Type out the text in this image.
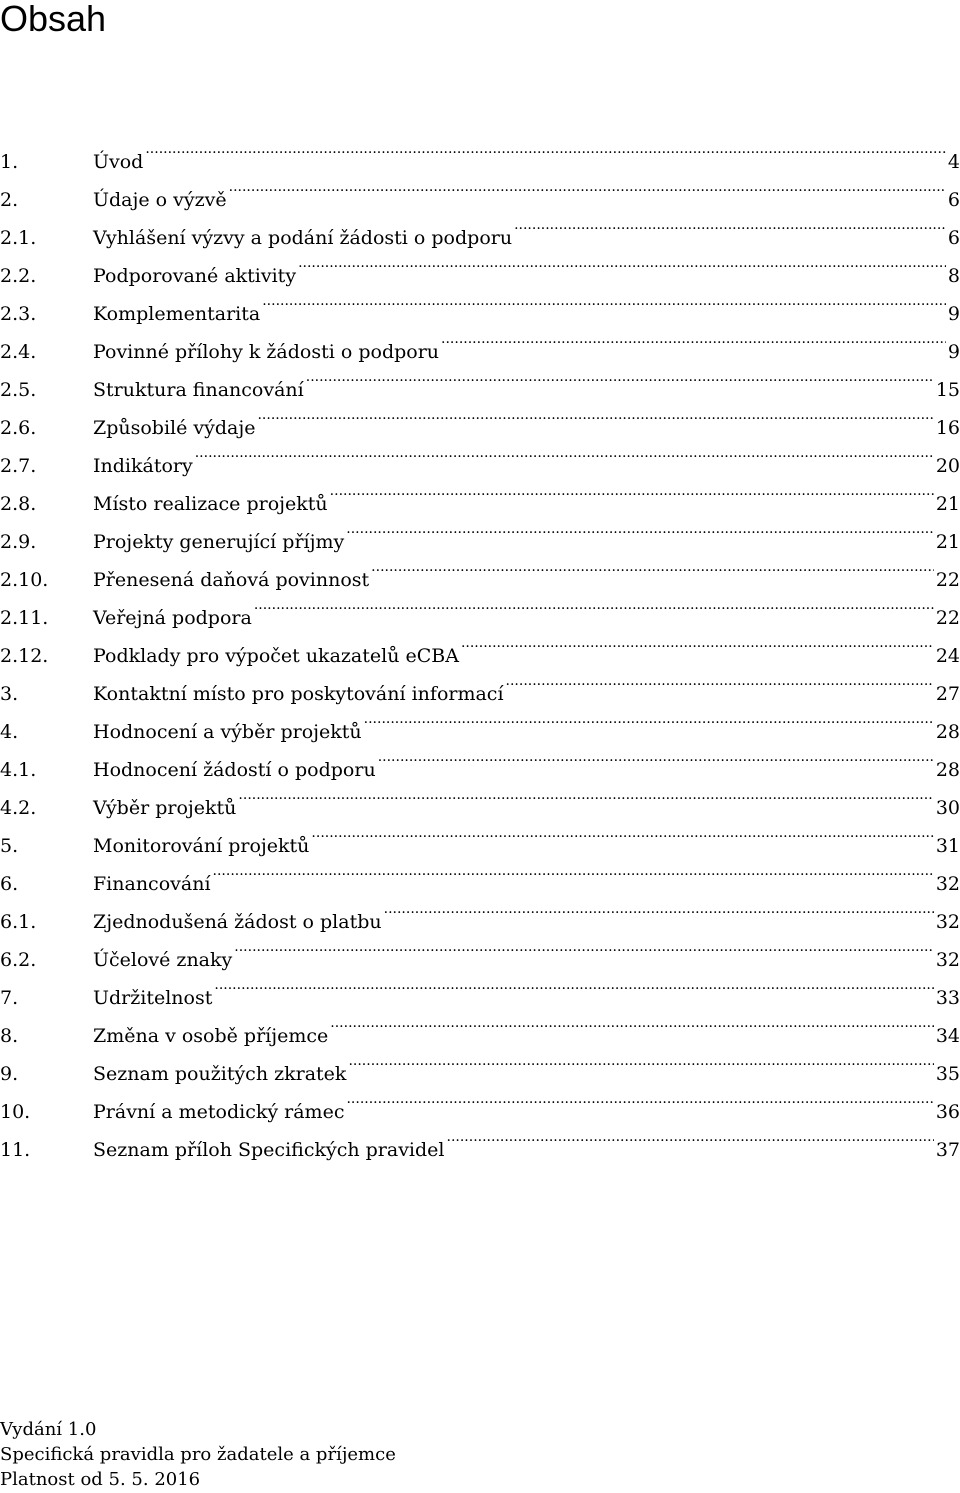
Obsah
1.	Úvod .....	4
2.	Údaje o výzvě .....	6
2.1.	Vyhlášení výzvy a podání žádosti o podporu .....	6
2.2.	Podporované aktivity .....	8
2.3.	Komplementarita .....	9
2.4.	Povinné přílohy k žádosti o podporu .....	9
2.5.	Struktura financování .....	15
2.6.	Způsobilé výdaje .....	16
2.7.	Indikátory .....	20
2.8.	Místo realizace projektů .....	21
2.9.	Projekty generující příjmy .....	21
2.10.	Přenesená daňová povinnost .....	22
2.11.	Veřejná podpora .....	22
2.12.	Podklady pro výpočet ukazatelů eCBA .....	24
3.	Kontaktní místo pro poskytování informací .....	27
4.	Hodnocení a výběr projektů .....	28
4.1.	Hodnocení žádostí o podporu .....	28
4.2.	Výběr projektů .....	30
5.	Monitorování projektů .....	31
6.	Financování .....	32
6.1.	Zjednodušená žádost o platbu .....	32
6.2.	Účelové znaky .....	32
7.	Udržitelnost .....	33
8.	Změna v osobě příjemce .....	34
9.	Seznam použitých zkratek .....	35
10.	Právní a metodický rámec .....	36
11.	Seznam příloh Specifických pravidel .....	37
Vydání 1.0
Specifická pravidla pro žadatele a příjemce
Platnost od 5. 5. 2016
